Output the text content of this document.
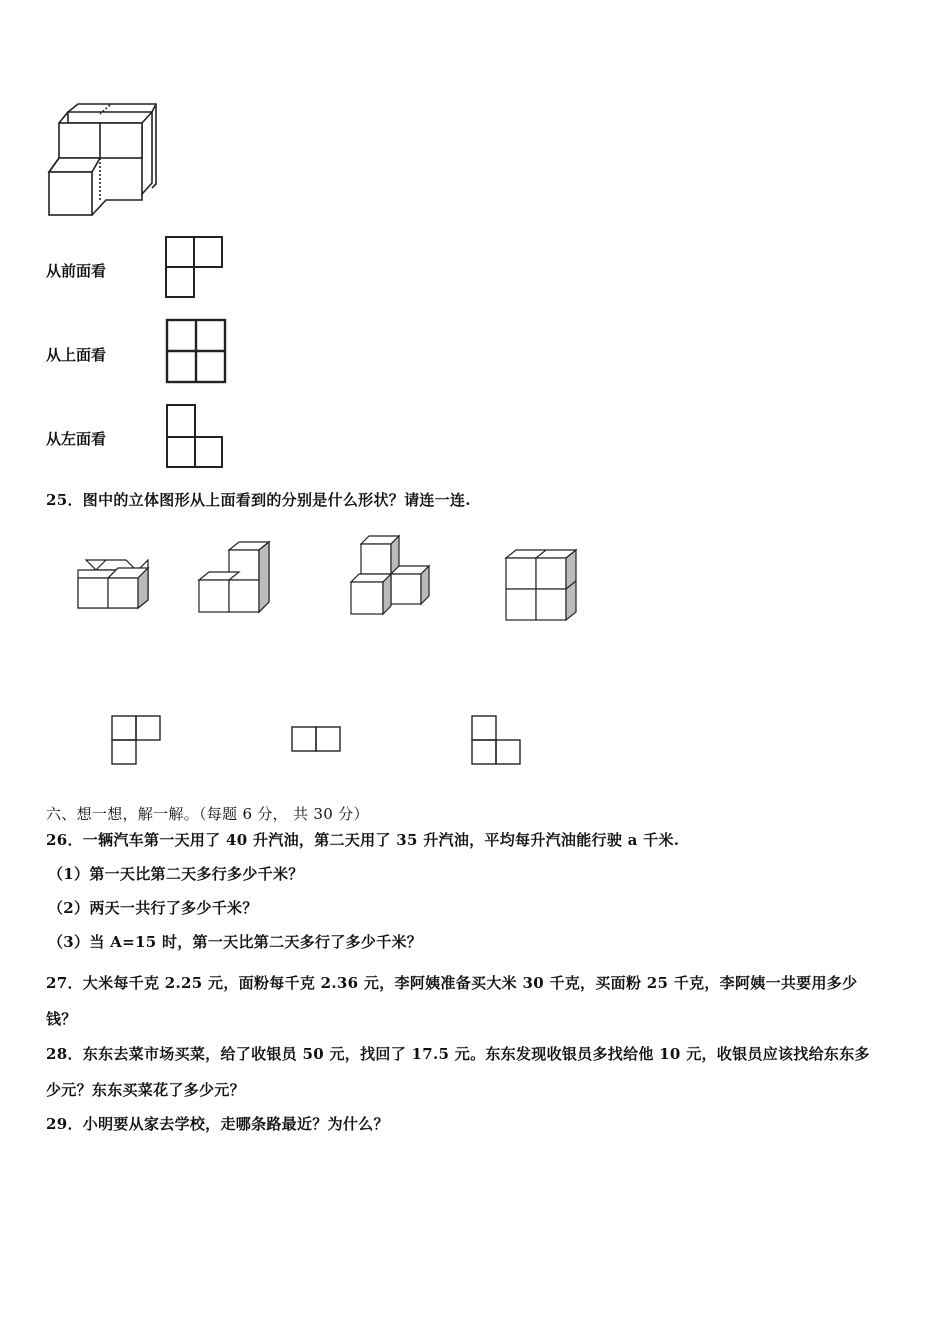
从前面看
从上面看
从左面看
25．图中的立体图形从上面看到的分别是什么形状？请连一连.
六、想一想，解一解。（每题 6 分， 共 30 分）
26．一辆汽车第一天用了 40 升汽油，第二天用了 35 升汽油，平均每升汽油能行驶 a 千米.
（1）第一天比第二天多行多少千米？
（2）两天一共行了多少千米？
（3）当 A=15 时，第一天比第二天多行了多少千米？
27．大米每千克 2.25 元，面粉每千克 2.36 元，李阿姨准备买大米 30 千克，买面粉 25 千克，李阿姨一共要用多少
钱？
28．东东去菜市场买菜，给了收银员 50 元，找回了 17.5 元。东东发现收银员多找给他 10 元，收银员应该找给东东多
少元？东东买菜花了多少元？
29．小明要从家去学校，走哪条路最近？为什么？
